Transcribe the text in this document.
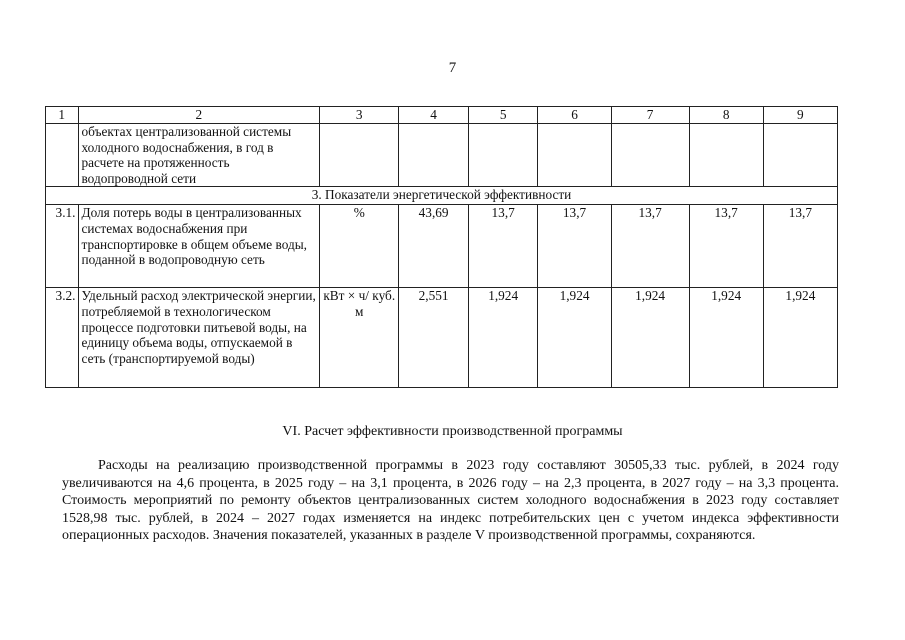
7
1	2	3	4	5	6	7	8	9
	объектах централизованной системы холодного водоснабжения, в год в расчете на протяженность водопроводной сети							
3. Показатели энергетической эффективности								
3.1.	Доля потерь воды в централизованных системах водоснабжения при транспортировке в общем объеме воды, поданной в водопроводную сеть	%	43,69	13,7	13,7	13,7	13,7	13,7
3.2.	Удельный расход электрической энергии, потребляемой в технологическом процессе подготовки питьевой воды, на единицу объема воды, отпускаемой в сеть (транспортируемой воды)	кВт × ч/ куб. м	2,551	1,924	1,924	1,924	1,924	1,924
VI. Расчет эффективности производственной программы

Расходы на реализацию производственной программы в 2023 году составляют 30505,33 тыс. рублей, в 2024 году увеличиваются на 4,6 процента, в 2025 году – на 3,1 процента, в 2026 году – на 2,3 процента, в 2027 году – на 3,3 процента. Стоимость мероприятий по ремонту объектов централизованных систем холодного водоснабжения в 2023 году составляет 1528,98 тыс. рублей, в 2024 – 2027 годах изменяется на индекс потребительских цен с учетом индекса эффективности операционных расходов. Значения показателей, указанных в разделе V производственной программы, сохраняются.
